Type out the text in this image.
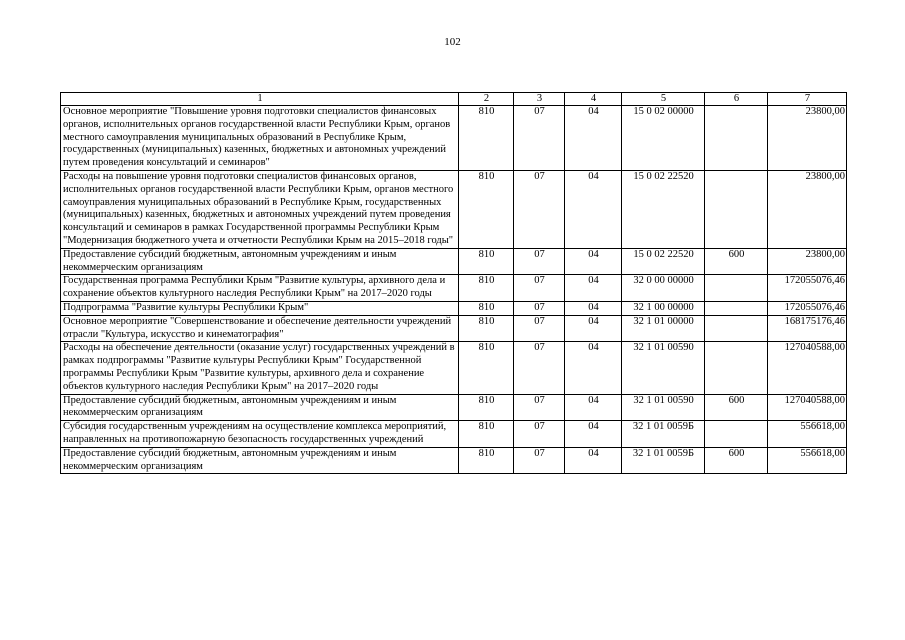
102
1	2	3	4	5	6	7
Основное мероприятие "Повышение уровня подготовки специалистов финансовых органов, исполнительных органов государственной власти Республики Крым, органов местного самоуправления муниципальных образований в Республике Крым, государственных (муниципальных) казенных, бюджетных и автономных учреждений путем проведения консультаций и семинаров"	810	07	04	15 0 02 00000		23800,00
Расходы на повышение уровня подготовки специалистов финансовых органов, исполнительных органов государственной власти Республики Крым, органов местного самоуправления муниципальных образований в Республике Крым, государственных (муниципальных) казенных, бюджетных и автономных учреждений путем проведения консультаций и семинаров в рамках Государственной программы Республики Крым "Модернизация бюджетного учета и отчетности Республики Крым на 2015–2018 годы"	810	07	04	15 0 02 22520		23800,00
Предоставление субсидий бюджетным, автономным учреждениям и иным некоммерческим организациям	810	07	04	15 0 02 22520	600	23800,00
Государственная программа Республики Крым "Развитие культуры, архивного дела и сохранение объектов культурного наследия Республики Крым" на 2017–2020 годы	810	07	04	32 0 00 00000		172055076,46
Подпрограмма "Развитие культуры Республики Крым"	810	07	04	32 1 00 00000		172055076,46
Основное мероприятие "Совершенствование и обеспечение деятельности учреждений отрасли "Культура, искусство и кинематография"	810	07	04	32 1 01 00000		168175176,46
Расходы на обеспечение деятельности (оказание услуг) государственных учреждений в рамках подпрограммы "Развитие культуры Республики Крым" Государственной программы Республики Крым "Развитие культуры, архивного дела и сохранение объектов культурного наследия Республики Крым" на 2017–2020 годы	810	07	04	32 1 01 00590		127040588,00
Предоставление субсидий бюджетным, автономным учреждениям и иным некоммерческим организациям	810	07	04	32 1 01 00590	600	127040588,00
Субсидия государственным учреждениям на осуществление комплекса мероприятий, направленных на противопожарную безопасность государственных учреждений	810	07	04	32 1 01 0059Б		556618,00
Предоставление субсидий бюджетным, автономным учреждениям и иным некоммерческим организациям	810	07	04	32 1 01 0059Б	600	556618,00
